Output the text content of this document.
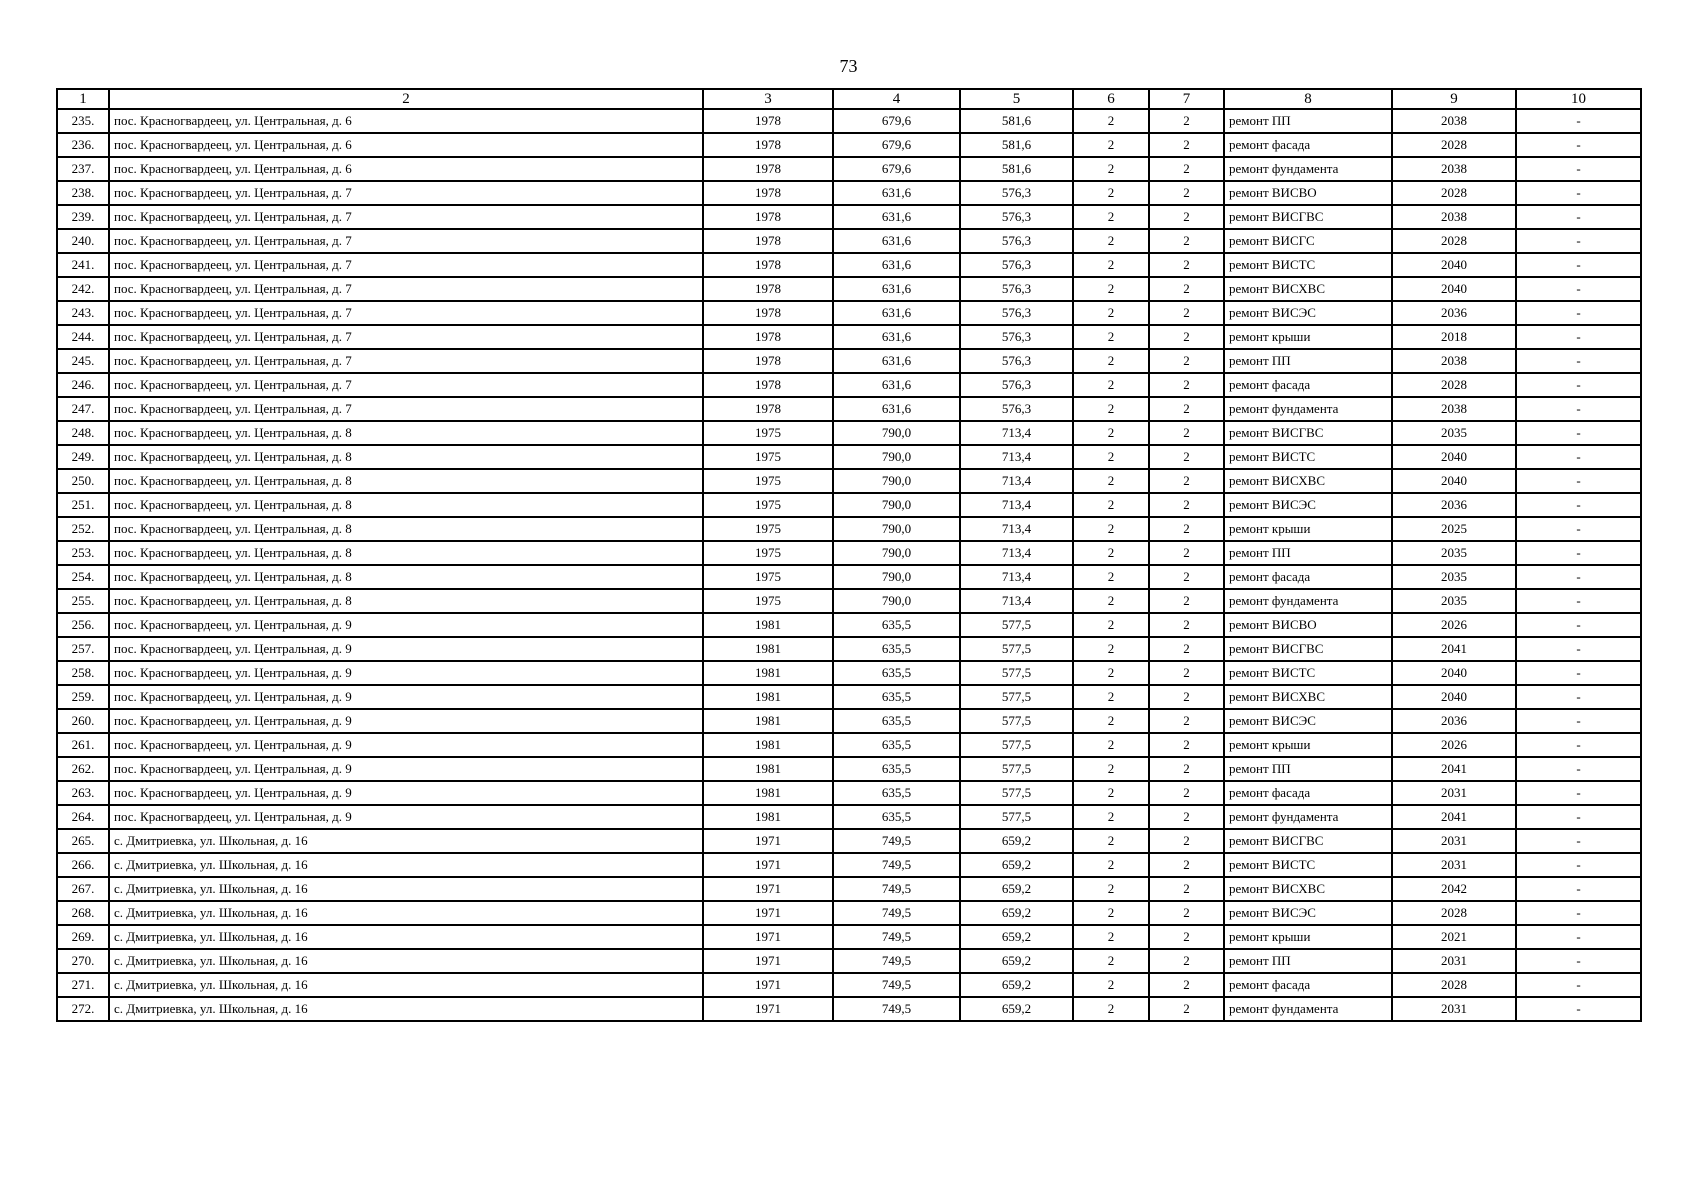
73
1	2	3	4	5	6	7	8	9	10
235.	пос. Красногвардеец, ул. Центральная, д. 6	1978	679,6	581,6	2	2	ремонт ПП	2038	-
236.	пос. Красногвардеец, ул. Центральная, д. 6	1978	679,6	581,6	2	2	ремонт фасада	2028	-
237.	пос. Красногвардеец, ул. Центральная, д. 6	1978	679,6	581,6	2	2	ремонт фундамента	2038	-
238.	пос. Красногвардеец, ул. Центральная, д. 7	1978	631,6	576,3	2	2	ремонт ВИСВО	2028	-
239.	пос. Красногвардеец, ул. Центральная, д. 7	1978	631,6	576,3	2	2	ремонт ВИСГВС	2038	-
240.	пос. Красногвардеец, ул. Центральная, д. 7	1978	631,6	576,3	2	2	ремонт ВИСГС	2028	-
241.	пос. Красногвардеец, ул. Центральная, д. 7	1978	631,6	576,3	2	2	ремонт ВИСТС	2040	-
242.	пос. Красногвардеец, ул. Центральная, д. 7	1978	631,6	576,3	2	2	ремонт ВИСХВС	2040	-
243.	пос. Красногвардеец, ул. Центральная, д. 7	1978	631,6	576,3	2	2	ремонт ВИСЭС	2036	-
244.	пос. Красногвардеец, ул. Центральная, д. 7	1978	631,6	576,3	2	2	ремонт крыши	2018	-
245.	пос. Красногвардеец, ул. Центральная, д. 7	1978	631,6	576,3	2	2	ремонт ПП	2038	-
246.	пос. Красногвардеец, ул. Центральная, д. 7	1978	631,6	576,3	2	2	ремонт фасада	2028	-
247.	пос. Красногвардеец, ул. Центральная, д. 7	1978	631,6	576,3	2	2	ремонт фундамента	2038	-
248.	пос. Красногвардеец, ул. Центральная, д. 8	1975	790,0	713,4	2	2	ремонт ВИСГВС	2035	-
249.	пос. Красногвардеец, ул. Центральная, д. 8	1975	790,0	713,4	2	2	ремонт ВИСТС	2040	-
250.	пос. Красногвардеец, ул. Центральная, д. 8	1975	790,0	713,4	2	2	ремонт ВИСХВС	2040	-
251.	пос. Красногвардеец, ул. Центральная, д. 8	1975	790,0	713,4	2	2	ремонт ВИСЭС	2036	-
252.	пос. Красногвардеец, ул. Центральная, д. 8	1975	790,0	713,4	2	2	ремонт крыши	2025	-
253.	пос. Красногвардеец, ул. Центральная, д. 8	1975	790,0	713,4	2	2	ремонт ПП	2035	-
254.	пос. Красногвардеец, ул. Центральная, д. 8	1975	790,0	713,4	2	2	ремонт фасада	2035	-
255.	пос. Красногвардеец, ул. Центральная, д. 8	1975	790,0	713,4	2	2	ремонт фундамента	2035	-
256.	пос. Красногвардеец, ул. Центральная, д. 9	1981	635,5	577,5	2	2	ремонт ВИСВО	2026	-
257.	пос. Красногвардеец, ул. Центральная, д. 9	1981	635,5	577,5	2	2	ремонт ВИСГВС	2041	-
258.	пос. Красногвардеец, ул. Центральная, д. 9	1981	635,5	577,5	2	2	ремонт ВИСТС	2040	-
259.	пос. Красногвардеец, ул. Центральная, д. 9	1981	635,5	577,5	2	2	ремонт ВИСХВС	2040	-
260.	пос. Красногвардеец, ул. Центральная, д. 9	1981	635,5	577,5	2	2	ремонт ВИСЭС	2036	-
261.	пос. Красногвардеец, ул. Центральная, д. 9	1981	635,5	577,5	2	2	ремонт крыши	2026	-
262.	пос. Красногвардеец, ул. Центральная, д. 9	1981	635,5	577,5	2	2	ремонт ПП	2041	-
263.	пос. Красногвардеец, ул. Центральная, д. 9	1981	635,5	577,5	2	2	ремонт фасада	2031	-
264.	пос. Красногвардеец, ул. Центральная, д. 9	1981	635,5	577,5	2	2	ремонт фундамента	2041	-
265.	с. Дмитриевка, ул. Школьная, д. 16	1971	749,5	659,2	2	2	ремонт ВИСГВС	2031	-
266.	с. Дмитриевка, ул. Школьная, д. 16	1971	749,5	659,2	2	2	ремонт ВИСТС	2031	-
267.	с. Дмитриевка, ул. Школьная, д. 16	1971	749,5	659,2	2	2	ремонт ВИСХВС	2042	-
268.	с. Дмитриевка, ул. Школьная, д. 16	1971	749,5	659,2	2	2	ремонт ВИСЭС	2028	-
269.	с. Дмитриевка, ул. Школьная, д. 16	1971	749,5	659,2	2	2	ремонт крыши	2021	-
270.	с. Дмитриевка, ул. Школьная, д. 16	1971	749,5	659,2	2	2	ремонт ПП	2031	-
271.	с. Дмитриевка, ул. Школьная, д. 16	1971	749,5	659,2	2	2	ремонт фасада	2028	-
272.	с. Дмитриевка, ул. Школьная, д. 16	1971	749,5	659,2	2	2	ремонт фундамента	2031	-
